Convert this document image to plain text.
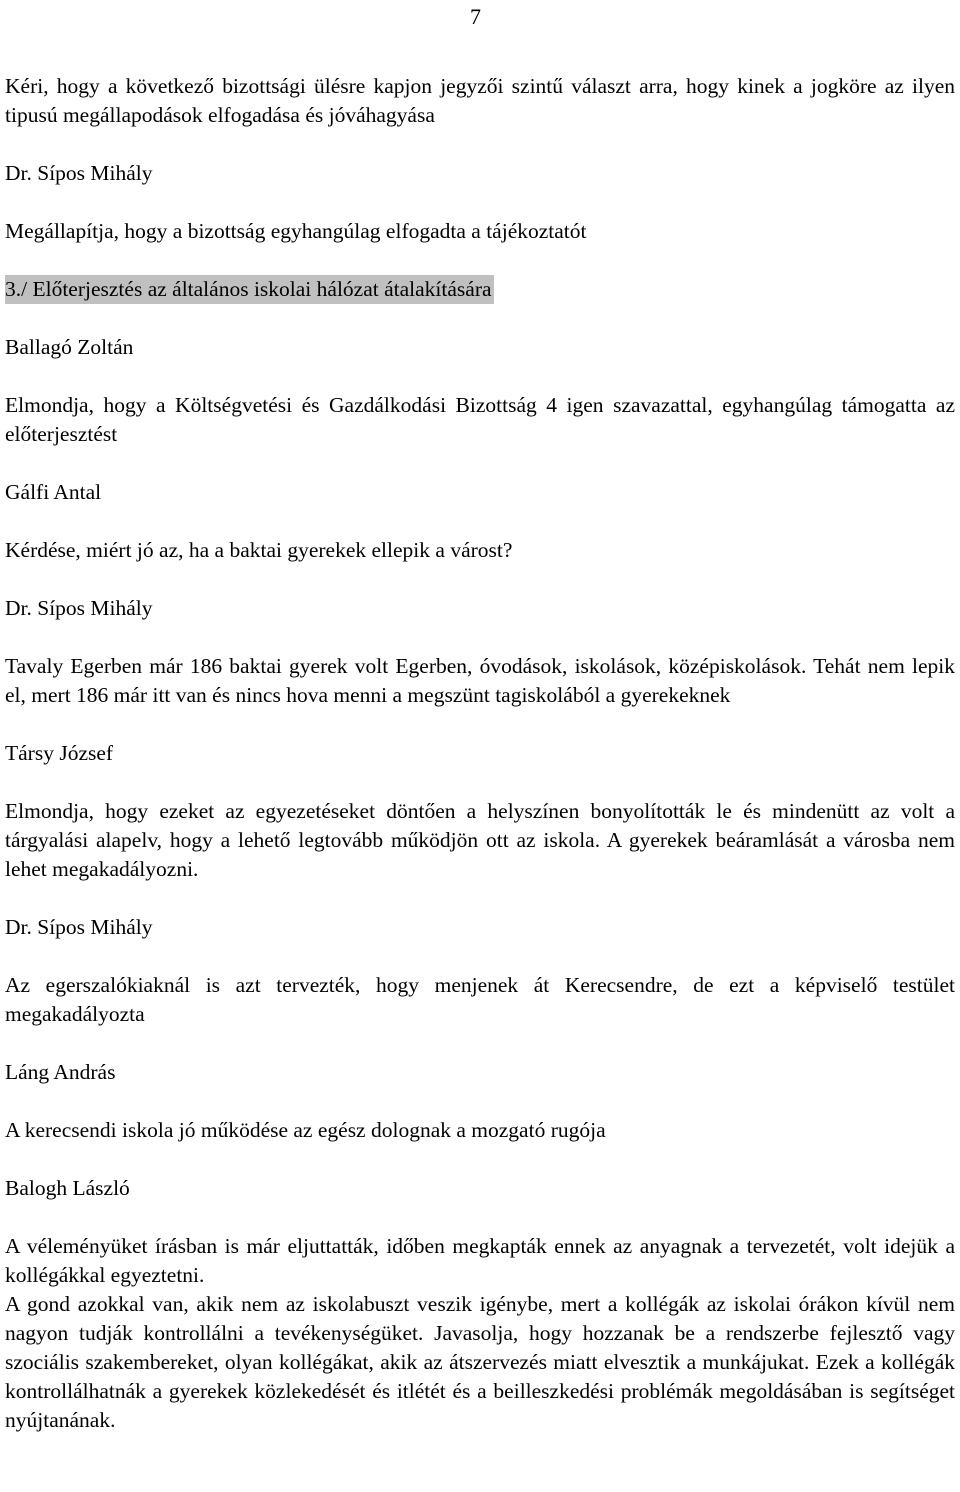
7

Kéri, hogy a következő bizottsági ülésre kapjon jegyzői szintű választ arra, hogy kinek a jogköre az ilyen tipusú megállapodások elfogadása és jóváhagyása

Dr. Sípos Mihály

Megállapítja, hogy a bizottság egyhangúlag elfogadta a tájékoztatót

3./ Előterjesztés az általános iskolai hálózat átalakítására

Ballagó Zoltán

Elmondja, hogy a Költségvetési és Gazdálkodási Bizottság 4 igen szavazattal, egyhangúlag támogatta az előterjesztést

Gálfi Antal

Kérdése, miért jó az, ha a baktai gyerekek ellepik a várost?

Dr. Sípos Mihály

Tavaly Egerben már 186 baktai gyerek volt Egerben, óvodások, iskolások, középiskolások. Tehát nem lepik el, mert 186 már itt van és nincs hova menni a megszünt tagiskolából a gyerekeknek

Társy József

Elmondja, hogy ezeket az egyezetéseket döntően a helyszínen bonyolították le és mindenütt az volt a tárgyalási alapelv, hogy a lehető legtovább működjön ott az iskola. A gyerekek beáramlását a városba nem lehet megakadályozni.

Dr. Sípos Mihály

Az egerszalókiaknál is azt tervezték, hogy menjenek át Kerecsendre, de ezt a képviselő testület megakadályozta

Láng András

A kerecsendi iskola jó működése az egész dolognak a mozgató rugója

Balogh László

A véleményüket írásban is már eljuttatták, időben megkapták ennek az anyagnak a tervezetét, volt idejük a kollégákkal egyeztetni.

A gond azokkal van, akik nem az iskolabuszt veszik igénybe, mert a kollégák az iskolai órákon kívül nem nagyon tudják kontrollálni a tevékenységüket. Javasolja, hogy hozzanak be a rendszerbe fejlesztő vagy szociális szakembereket, olyan kollégákat, akik az átszervezés miatt elvesztik a munkájukat. Ezek a kollégák kontrollálhatnák a gyerekek közlekedését és itlétét és a beilleszkedési problémák megoldásában is segítséget nyújtanának.
